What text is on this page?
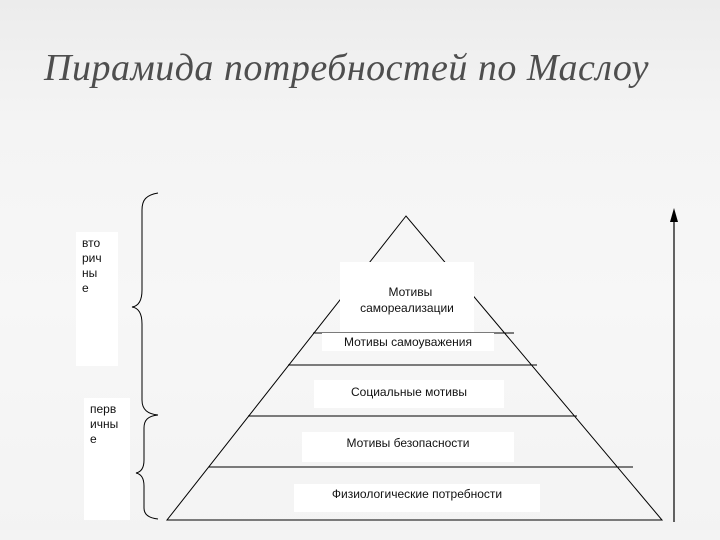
Пирамида потребностей по Маслоу
вто
рич
ны
е
перв
ичны
е

Мотивы
самореализации

Мотивы самоуважения
Социальные мотивы
Мотивы безопасности
Физиологические потребности
